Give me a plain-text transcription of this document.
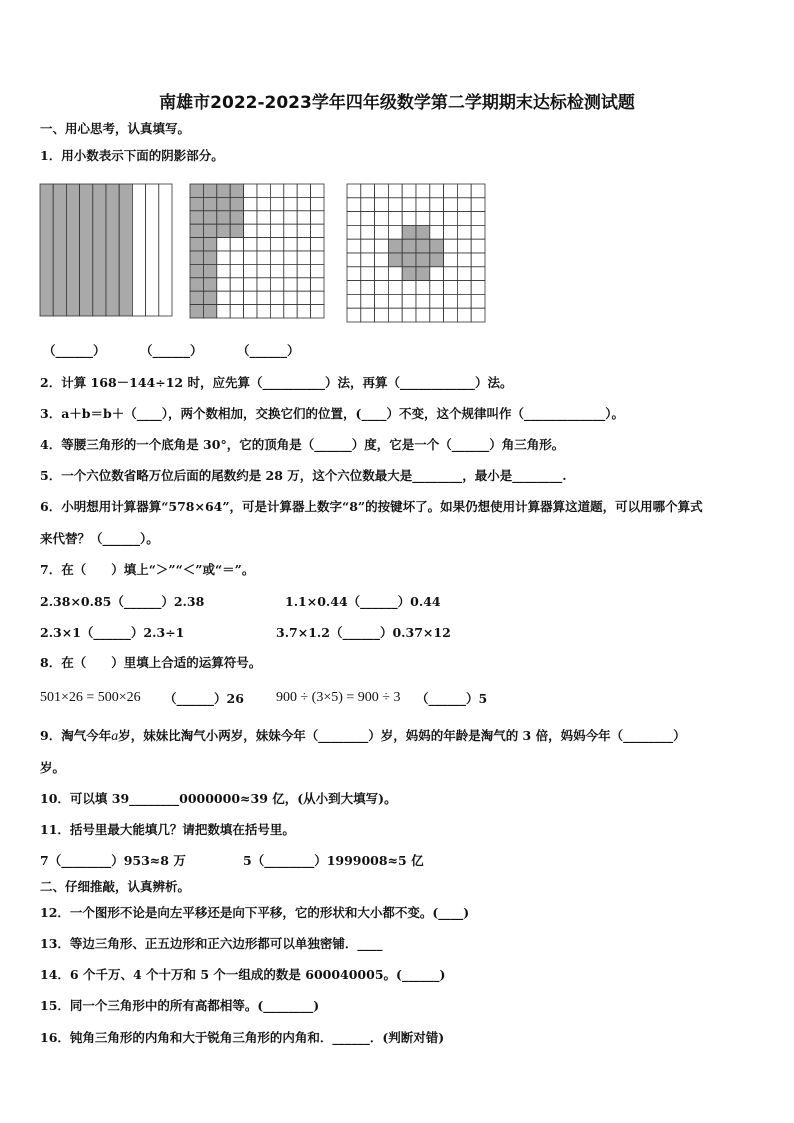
南雄市2022-2023学年四年级数学第二学期期末达标检测试题
一、用心思考，认真填写。
1．用小数表示下面的阴影部分。
（______）	（______）	（______）
2．计算 168－144÷12 时，应先算（__________）法，再算（____________）法。
3．a＋b＝b＋（____），两个数相加，交换它们的位置，(____）不变，这个规律叫作（_____________）。
4．等腰三角形的一个底角是 30°，它的顶角是（______）度，它是一个（______）角三角形。
5．一个六位数省略万位后面的尾数约是 28 万，这个六位数最大是________，最小是________.
6．小明想用计算器算“578×64”，可是计算器上数字“8”的按键坏了。如果仍想使用计算器算这道题，可以用哪个算式
来代替？（______）。
7．在（　　）填上“＞”“＜”或“＝”。
2.38×0.85（______）2.38	1.1×0.44（______）0.44
2.3×1（______）2.3÷1	3.7×1.2（______）0.37×12
8．在（　　）里填上合适的运算符号。
501×26 = 500×26 （______）26 900 ÷ (3×5) = 900 ÷ 3 （______）5
9．淘气今年a岁，妹妹比淘气小两岁，妹妹今年（________）岁，妈妈的年龄是淘气的 3 倍，妈妈今年（________）
岁。
10．可以填 39________0000000≈39 亿，(从小到大填写)。
11．括号里最大能填几？请把数填在括号里。
7（________）953≈8 万	5（________）1999008≈5 亿
二、仔细推敲，认真辨析。
12．一个图形不论是向左平移还是向下平移，它的形状和大小都不变。(____)
13．等边三角形、正五边形和正六边形都可以单独密铺．____
14．6 个千万、4 个十万和 5 个一组成的数是 600040005。(______)
15．同一个三角形中的所有高都相等。(________)
16．钝角三角形的内角和大于锐角三角形的内角和．______．(判断对错)
